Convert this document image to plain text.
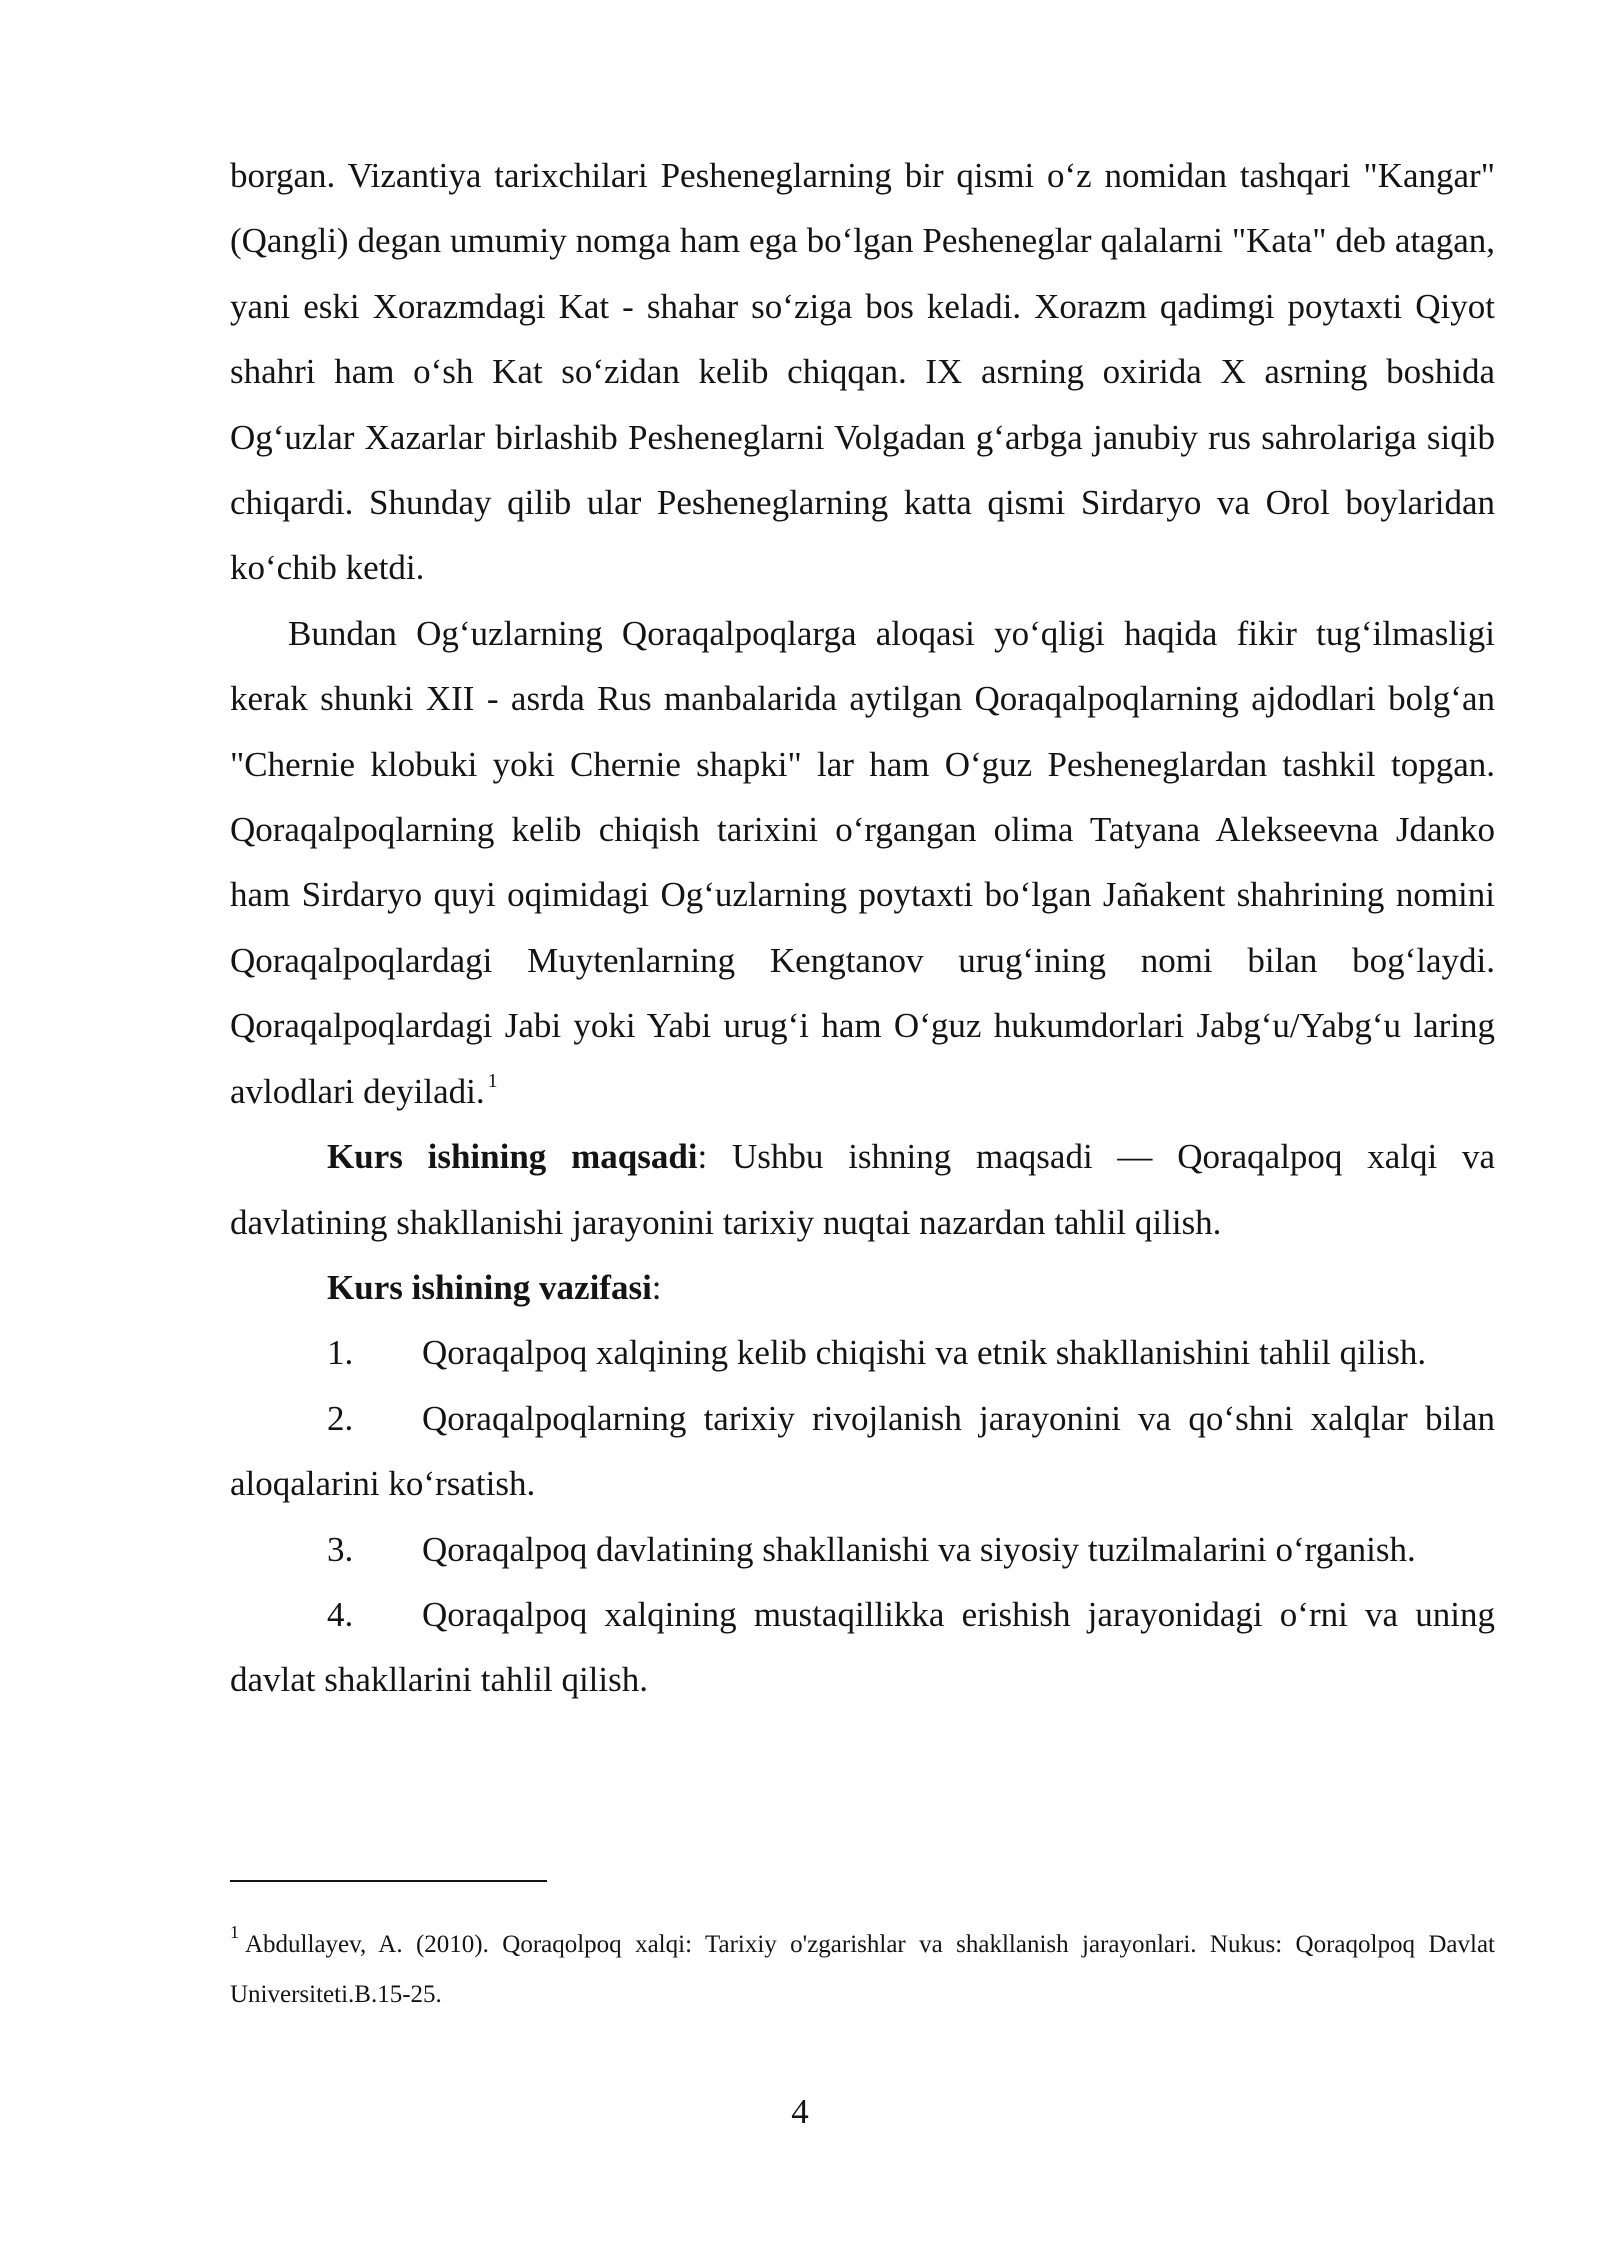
borgan. Vizantiya tarixchilari Pesheneglarning bir qismi o‘z nomidan tashqari "Kangar" (Qangli) degan umumiy nomga ham ega bo‘lgan Pesheneglar qalalarni "Kata" deb atagan, yani eski Xorazmdagi Kat - shahar so‘ziga bos keladi. Xorazm qadimgi poytaxti Qiyot shahri ham o‘sh Kat so‘zidan kelib chiqqan. IX asrning oxirida X asrning boshida Og‘uzlar Xazarlar birlashib Pesheneglarni Volgadan g‘arbga janubiy rus sahrolariga siqib chiqardi. Shunday qilib ular Pesheneglarning katta qismi Sirdaryo va Orol boylaridan ko‘chib ketdi.

Bundan Og‘uzlarning Qoraqalpoqlarga aloqasi yo‘qligi haqida fikir tug‘ilmasligi kerak shunki XII - asrda Rus manbalarida aytilgan Qoraqalpoqlarning ajdodlari bolg‘an "Chernie klobuki yoki Chernie shapki" lar ham O‘guz Pesheneglardan tashkil topgan. Qoraqalpoqlarning kelib chiqish tarixini o‘rgangan olima Tatyana Alekseevna Jdanko ham Sirdaryo quyi oqimidagi Og‘uzlarning poytaxti bo‘lgan Jañakent shahrining nomini Qoraqalpoqlardagi Muytenlarning Kengtanov urug‘ining nomi bilan bog‘laydi. Qoraqalpoqlardagi Jabi yoki Yabi urug‘i ham O‘guz hukumdorlari Jabg‘u/Yabg‘u laring avlodlari deyiladi. $^1$

Kurs ishining maqsadi: Ushbu ishning maqsadi — Qoraqalpoq xalqi va davlatining shakllanishi jarayonini tarixiy nuqtai nazardan tahlil qilish.

Kurs ishining vazifasi:

1. Qoraqalpoq xalqining kelib chiqishi va etnik shakllanishini tahlil qilish.

2. Qoraqalpoqlarning tarixiy rivojlanish jarayonini va qo‘shni xalqlar bilan aloqalarini ko‘rsatish.

3. Qoraqalpoq davlatining shakllanishi va siyosiy tuzilmalarini o‘rganish.

4. Qoraqalpoq xalqining mustaqillikka erishish jarayonidagi o‘rni va uning davlat shakllarini tahlil qilish.

$^1$ Abdullayev, A. (2010). Qoraqolpoq xalqi: Tarixiy o'zgarishlar va shakllanish jarayonlari. Nukus: Qoraqolpoq Davlat Universiteti.B.15-25.
4
